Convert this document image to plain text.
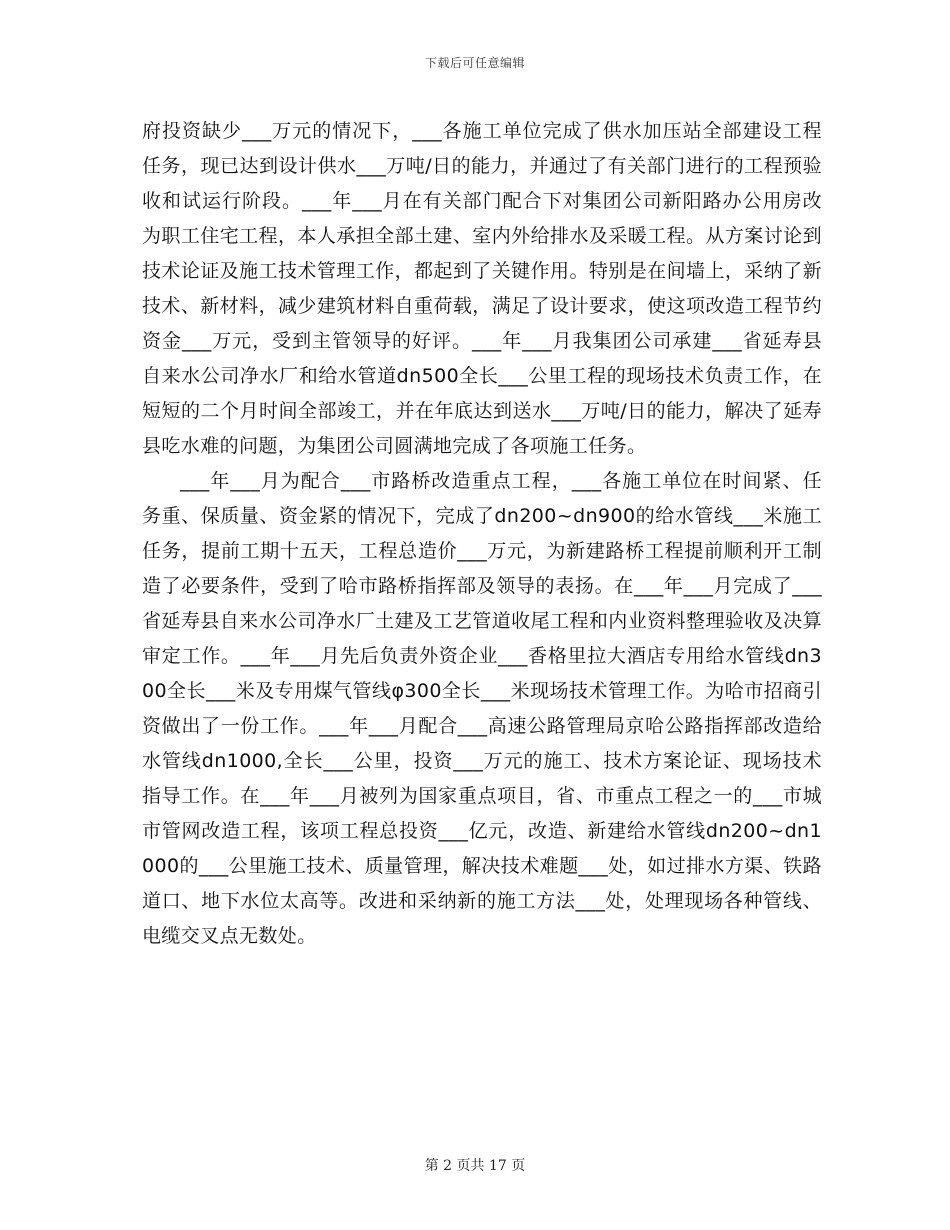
下载后可任意编辑

府投资缺少___万元的情况下，___各施工单位完成了供水加压站全部建设工程任务，现已达到设计供水___万吨/日的能力，并通过了有关部门进行的工程预验收和试运行阶段。___年___月在有关部门配合下对集团公司新阳路办公用房改为职工住宅工程，本人承担全部土建、室内外给排水及采暖工程。从方案讨论到技术论证及施工技术管理工作，都起到了关键作用。特别是在间墙上，采纳了新技术、新材料，减少建筑材料自重荷载，满足了设计要求，使这项改造工程节约资金___万元，受到主管领导的好评。___年___月我集团公司承建___省延寿县自来水公司净水厂和给水管道dn500全长___公里工程的现场技术负责工作，在短短的二个月时间全部竣工，并在年底达到送水___万吨/日的能力，解决了延寿县吃水难的问题，为集团公司圆满地完成了各项施工任务。

___年___月为配合___市路桥改造重点工程，___各施工单位在时间紧、任务重、保质量、资金紧的情况下，完成了dn200~dn900的给水管线___米施工任务，提前工期十五天，工程总造价___万元，为新建路桥工程提前顺利开工制造了必要条件，受到了哈市路桥指挥部及领导的表扬。在___年___月完成了___省延寿县自来水公司净水厂土建及工艺管道收尾工程和内业资料整理验收及决算审定工作。___年___月先后负责外资企业___香格里拉大酒店专用给水管线dn300全长___米及专用煤气管线φ300全长___米现场技术管理工作。为哈市招商引资做出了一份工作。___年___月配合___高速公路管理局京哈公路指挥部改造给水管线dn1000,全长___公里，投资___万元的施工、技术方案论证、现场技术指导工作。在___年___月被列为国家重点项目，省、市重点工程之一的___市城市管网改造工程，该项工程总投资___亿元，改造、新建给水管线dn200~dn1000的___公里施工技术、质量管理，解决技术难题___处，如过排水方渠、铁路道口、地下水位太高等。改进和采纳新的施工方法___处，处理现场各种管线、电缆交叉点无数处。

第 2 页共 17 页
